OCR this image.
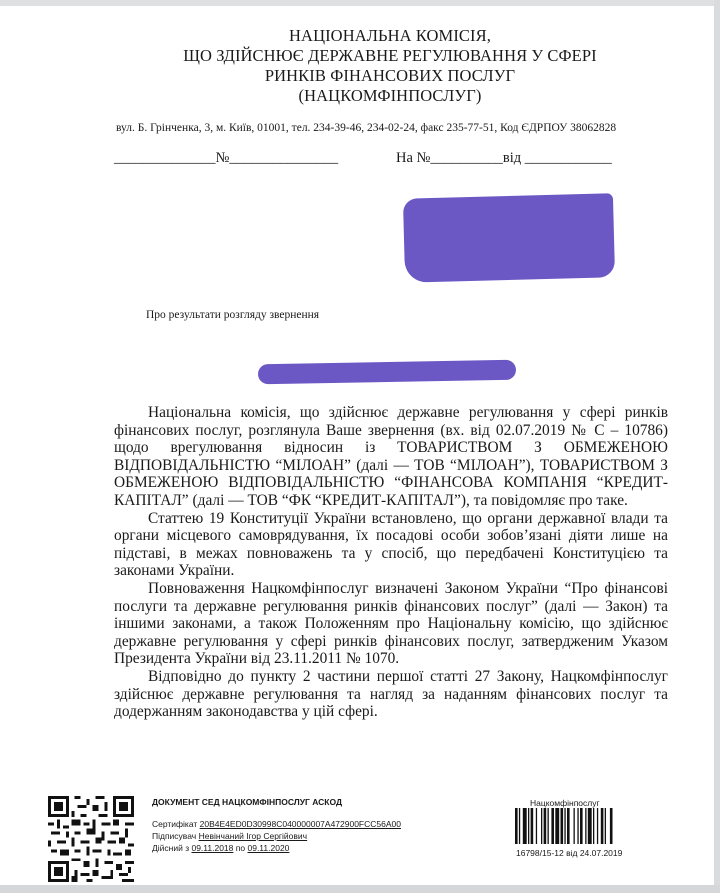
НАЦІОНАЛЬНА КОМІСІЯ,
ЩО ЗДІЙСНЮЄ ДЕРЖАВНЕ РЕГУЛЮВАННЯ У СФЕРІ
РИНКІВ ФІНАНСОВИХ ПОСЛУГ
(НАЦКОМФІНПОСЛУГ)
вул. Б. Грінченка, 3, м. Київ, 01001, тел. 234-39-46, 234-02-24, факс 235-77-51, Код ЄДРПОУ 38062828
______________№_______________	На №__________від ____________
Про результати розгляду звернення

Національна комісія, що здійснює державне регулювання у сфері ринків фінансових послуг, розглянула Ваше звернення (вх. від 02.07.2019 № С – 10786) щодо врегулювання відносин із ТОВАРИСТВОМ З ОБМЕЖЕНОЮ ВІДПОВІДАЛЬНІСТЮ “МІЛОАН” (далі — ТОВ “МІЛОАН”), ТОВАРИСТВОМ З ОБМЕЖЕНОЮ ВІДПОВІДАЛЬНІСТЮ “ФІНАНСОВА КОМПАНІЯ “КРЕДИТ-КАПІТАЛ” (далі — ТОВ “ФК “КРЕДИТ-КАПІТАЛ”), та повідомляє про таке.

Статтею 19 Конституції України встановлено, що органи державної влади та органи місцевого самоврядування, їх посадові особи зобов’язані діяти лише на підставі, в межах повноважень та у спосіб, що передбачені Конституцією та законами України.

Повноваження Нацкомфінпослуг визначені Законом України “Про фінансові послуги та державне регулювання ринків фінансових послуг” (далі — Закон) та іншими законами, а також Положенням про Національну комісію, що здійснює державне регулювання у сфері ринків фінансових послуг, затвердженим Указом Президента України від 23.11.2011 № 1070.

Відповідно до пункту 2 частини першої статті 27 Закону, Нацкомфінпослуг здійснює державне регулювання та нагляд за наданням фінансових послуг та додержанням законодавства у цій сфері.

ДОКУМЕНТ СЕД НАЦКОМФІНПОСЛУГ АСКОД
Сертифікат 20B4E4ED0D30998C040000007A472900FCC56A00
Підписувач Невінчаний Ігор Сергійович
Дійсний з 09.11.2018 по 09.11.2020
Нацкомфінпослуг
16798/15-12 від 24.07.2019
